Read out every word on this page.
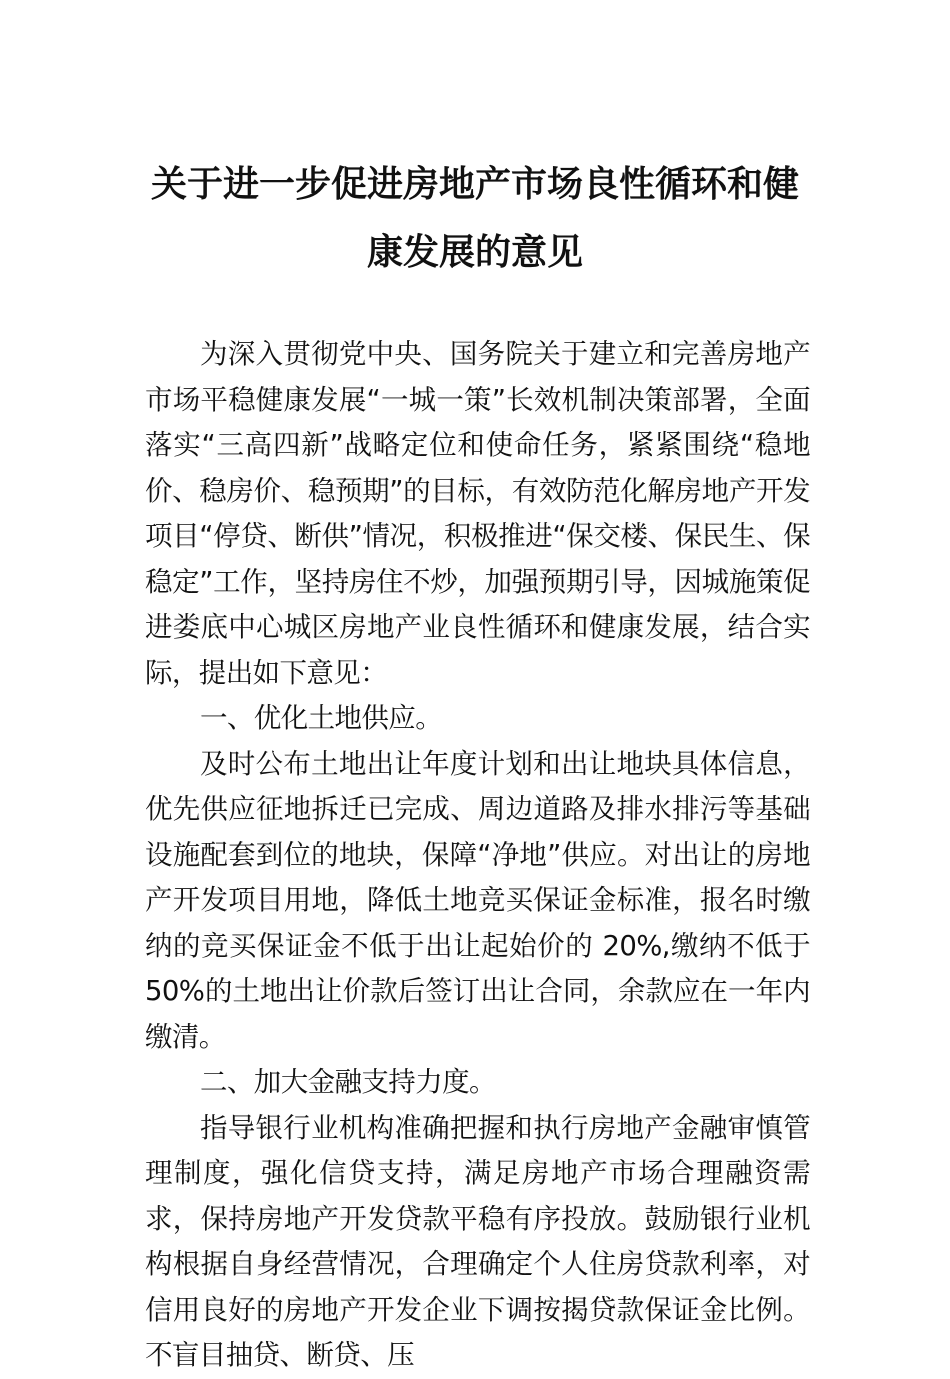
关于进一步促进房地产市场良性循环和健
康发展的意见

为深入贯彻党中央、国务院关于建立和完善房地产市场平稳健康发展“一城一策”长效机制决策部署，全面落实“三高四新”战略定位和使命任务，紧紧围绕“稳地价、稳房价、稳预期”的目标，有效防范化解房地产开发项目“停贷、断供”情况，积极推进“保交楼、保民生、保稳定”工作，坚持房住不炒，加强预期引导，因城施策促进娄底中心城区房地产业良性循环和健康发展，结合实际，提出如下意见：

一、优化土地供应。

及时公布土地出让年度计划和出让地块具体信息，优先供应征地拆迁已完成、周边道路及排水排污等基础设施配套到位的地块，保障“净地”供应。对出让的房地产开发项目用地，降低土地竞买保证金标准，报名时缴纳的竞买保证金不低于出让起始价的 20%,缴纳不低于 50%的土地出让价款后签订出让合同，余款应在一年内缴清。

二、加大金融支持力度。

指导银行业机构准确把握和执行房地产金融审慎管理制度，强化信贷支持，满足房地产市场合理融资需求，保持房地产开发贷款平稳有序投放。鼓励银行业机构根据自身经营情况，合理确定个人住房贷款利率，对信用良好的房地产开发企业下调按揭贷款保证金比例。不盲目抽贷、断贷、压
